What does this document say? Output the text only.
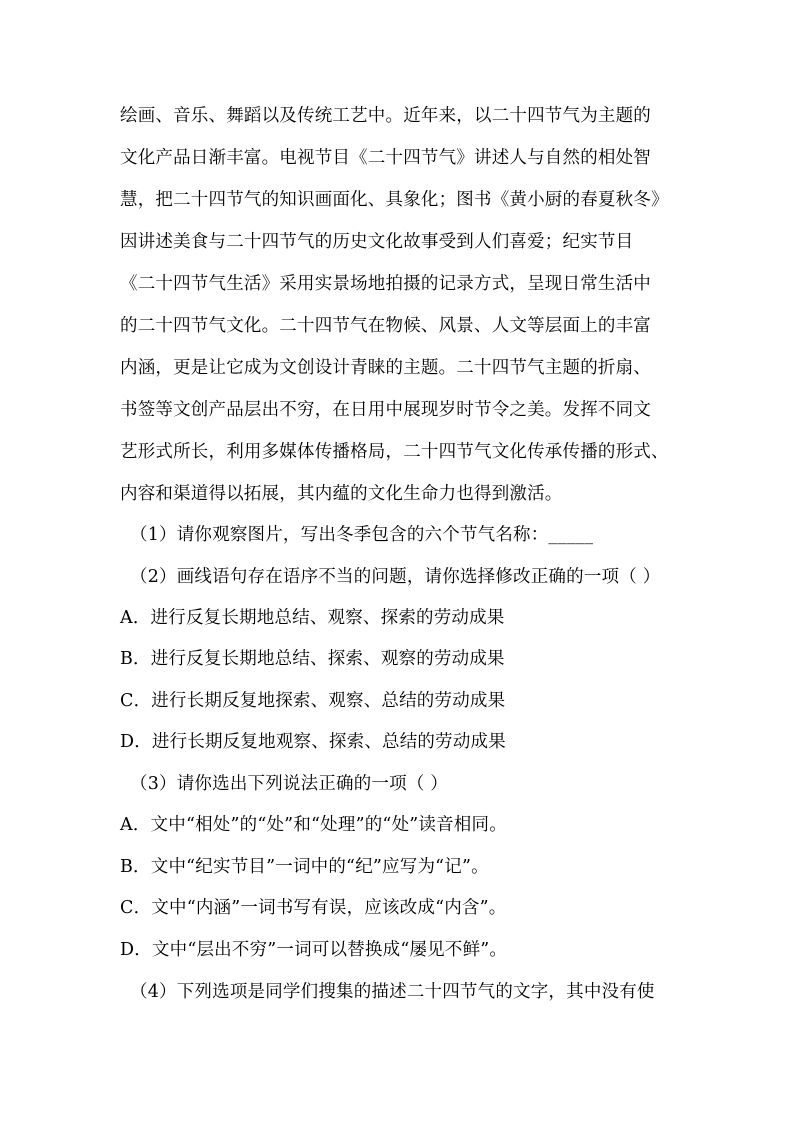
绘画、音乐、舞蹈以及传统工艺中。近年来，以二十四节气为主题的
文化产品日渐丰富。电视节目《二十四节气》讲述人与自然的相处智
慧，把二十四节气的知识画面化、具象化；图书《黄小厨的春夏秋冬》
因讲述美食与二十四节气的历史文化故事受到人们喜爱；纪实节目
《二十四节气生活》采用实景场地拍摄的记录方式，呈现日常生活中
的二十四节气文化。二十四节气在物候、风景、人文等层面上的丰富
内涵，更是让它成为文创设计青睐的主题。二十四节气主题的折扇、
书签等文创产品层出不穷，在日用中展现岁时节令之美。发挥不同文
艺形式所长，利用多媒体传播格局，二十四节气文化传承传播的形式、
内容和渠道得以拓展，其内蕴的文化生命力也得到激活。
（1）请你观察图片，写出冬季包含的六个节气名称：_____
（2）画线语句存在语序不当的问题，请你选择修改正确的一项（ ）
A．进行反复长期地总结、观察、探索的劳动成果
B．进行反复长期地总结、探索、观察的劳动成果
C．进行长期反复地探索、观察、总结的劳动成果
D．进行长期反复地观察、探索、总结的劳动成果
（3）请你选出下列说法正确的一项（ ）
A．文中“相处”的“处”和“处理”的“处”读音相同。
B．文中“纪实节目”一词中的“纪”应写为“记”。
C．文中“内涵”一词书写有误，应该改成“内含”。
D．文中“层出不穷”一词可以替换成“屡见不鲜”。
（4）下列选项是同学们搜集的描述二十四节气的文字，其中没有使
